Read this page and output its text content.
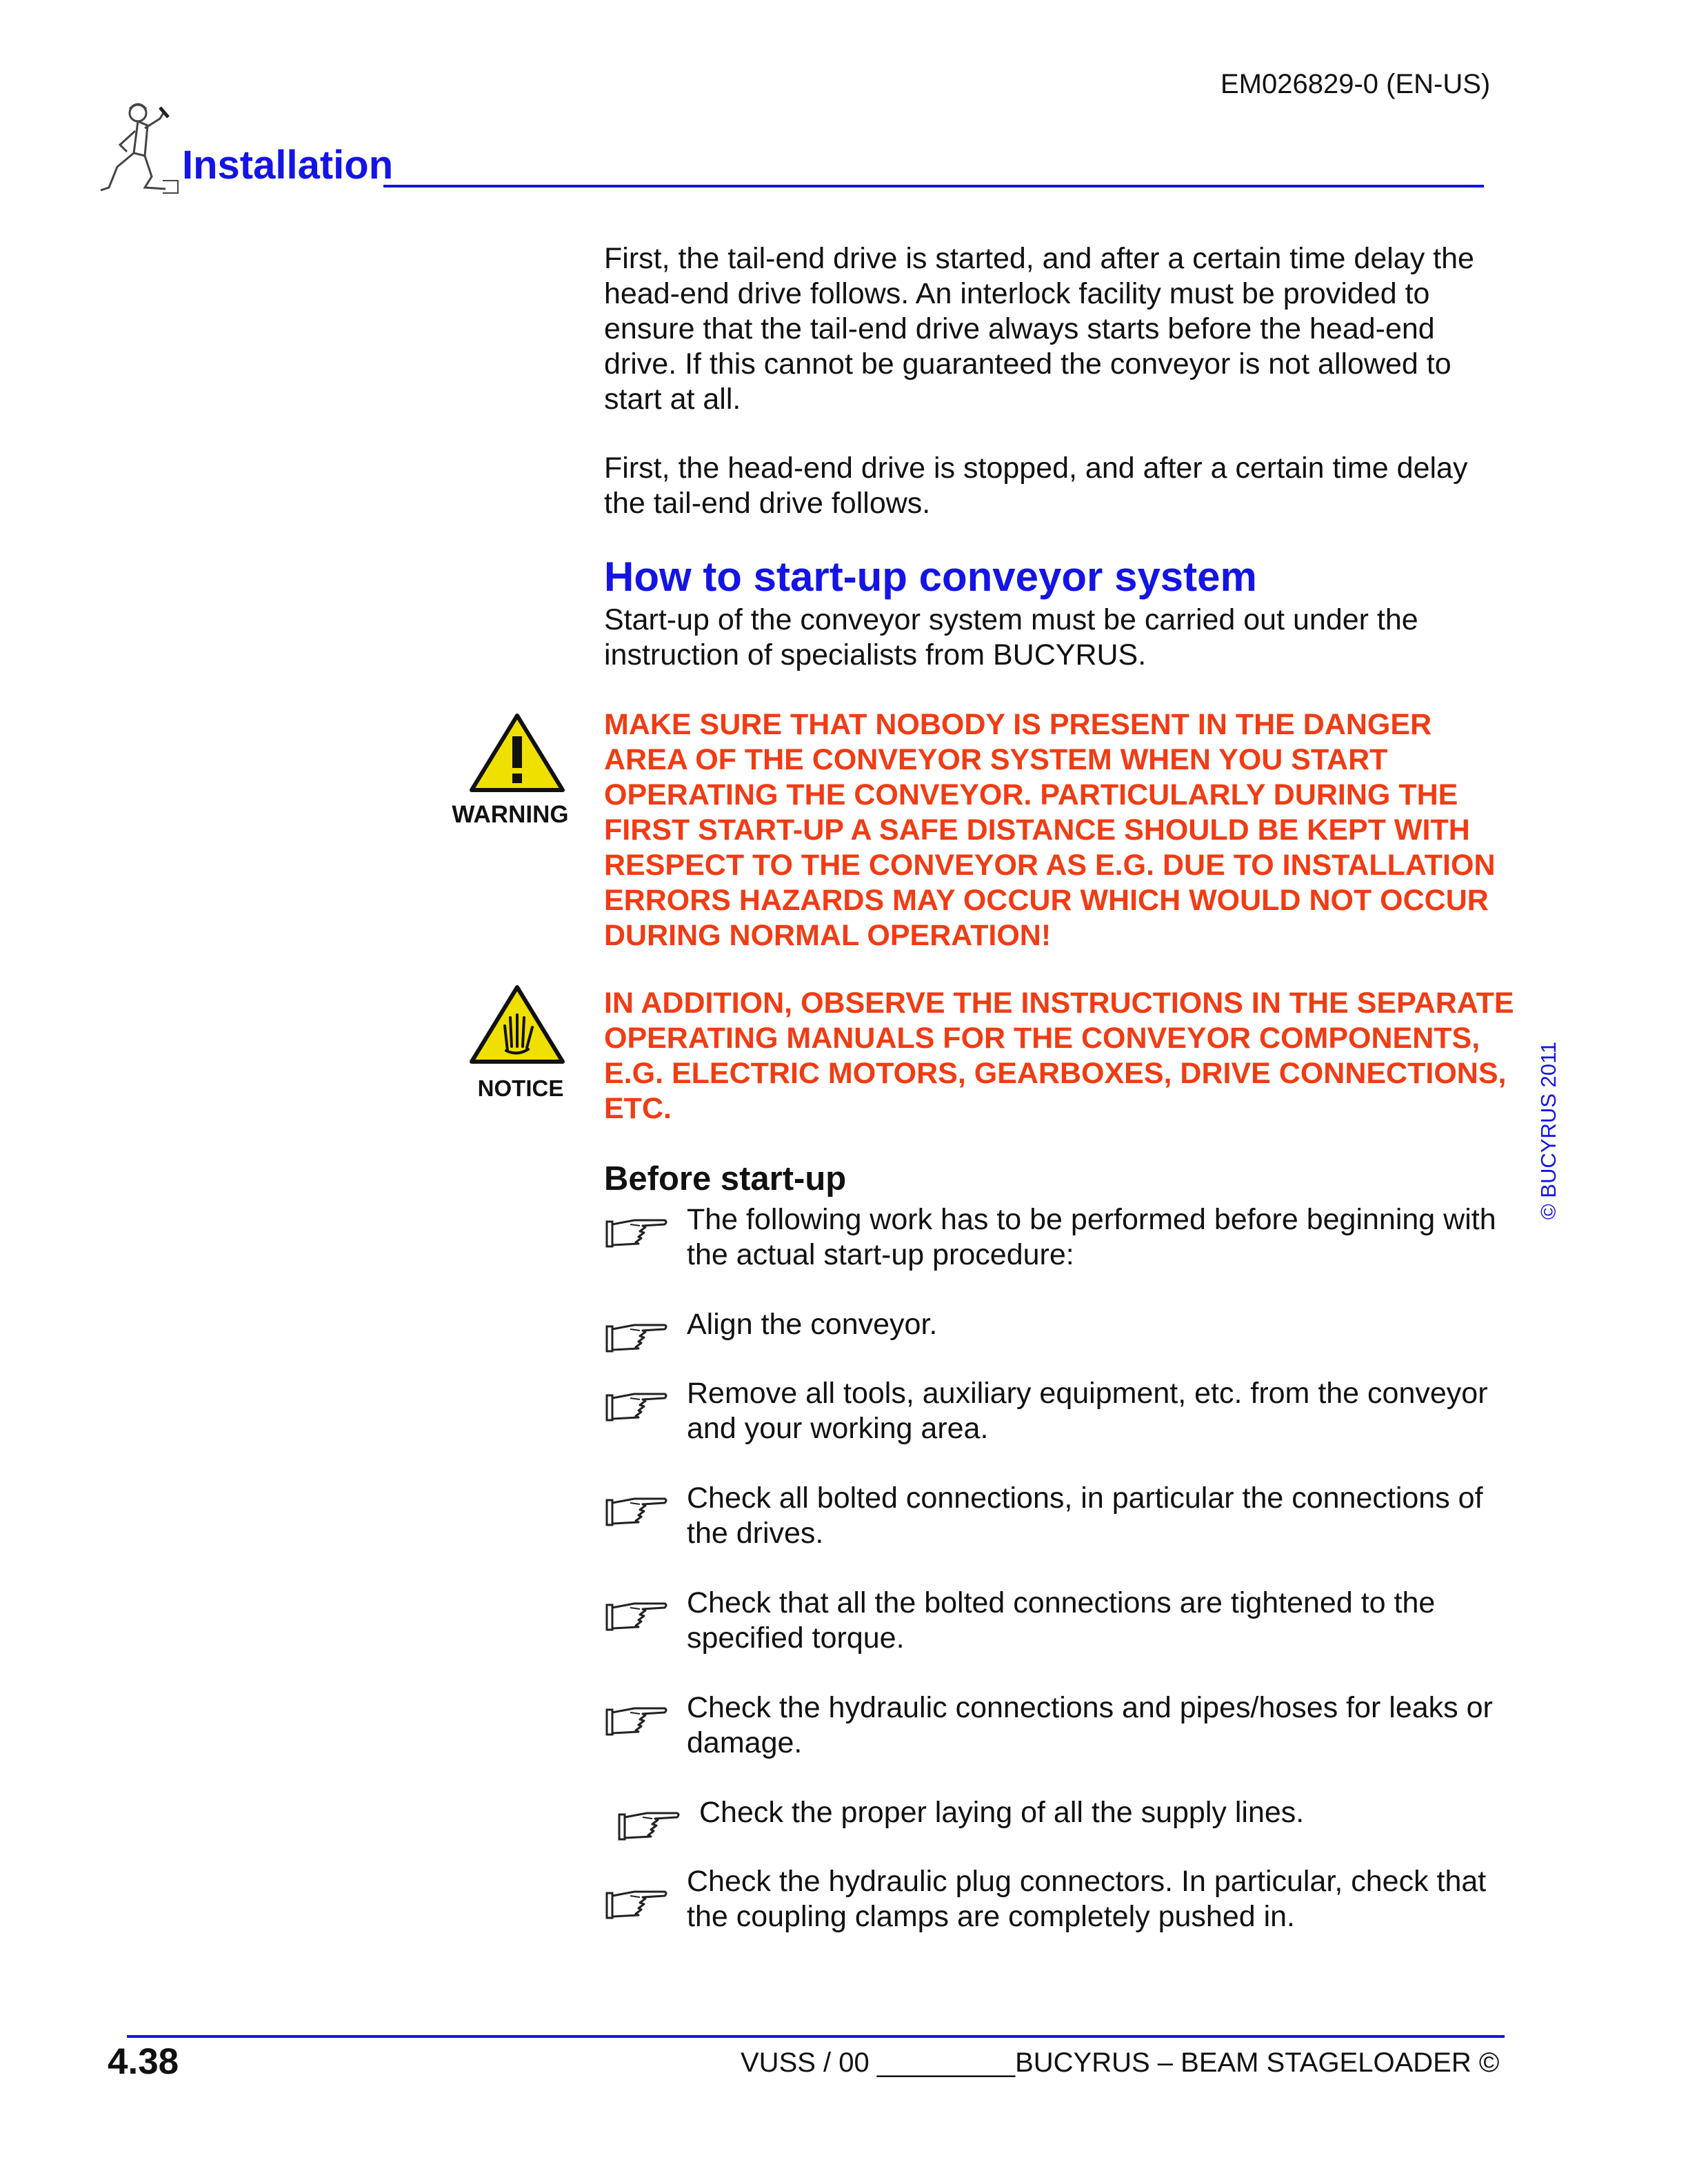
EM026829-0 (EN-US)
Installation
First, the tail-end drive is started, and after a certain time delay the head-end drive follows. An interlock facility must be provided to ensure that the tail-end drive always starts before the head-end drive. If this cannot be guaranteed the conveyor is not allowed to start at all.
First, the head-end drive is stopped, and after a certain time delay the tail-end drive follows.
How to start-up conveyor system
Start-up of the conveyor system must be carried out under the instruction of specialists from BUCYRUS.
WARNING
MAKE SURE THAT NOBODY IS PRESENT IN THE DANGER AREA OF THE CONVEYOR SYSTEM WHEN YOU START OPERATING THE CONVEYOR. PARTICULARLY DURING THE FIRST START-UP A SAFE DISTANCE SHOULD BE KEPT WITH RESPECT TO THE CONVEYOR AS E.G. DUE TO INSTALLATION ERRORS HAZARDS MAY OCCUR WHICH WOULD NOT OCCUR DURING NORMAL OPERATION!
NOTICE
IN ADDITION, OBSERVE THE INSTRUCTIONS IN THE SEPARATE OPERATING MANUALS FOR THE CONVEYOR COMPONENTS, E.G. ELECTRIC MOTORS, GEARBOXES, DRIVE CONNECTIONS, ETC.
Before start-up
The following work has to be performed before beginning with the actual start-up procedure:
Align the conveyor.
Remove all tools, auxiliary equipment, etc. from the conveyor and your working area.
Check all bolted connections, in particular the connections of the drives.
Check that all the bolted connections are tightened to the specified torque.
Check the hydraulic connections and pipes/hoses for leaks or damage.
Check the proper laying of all the supply lines.
Check the hydraulic plug connectors. In particular, check that the coupling clamps are completely pushed in.
© BUCYRUS 2011
4.38	VUSS / 00 _________BUCYRUS – BEAM STAGELOADER ©
